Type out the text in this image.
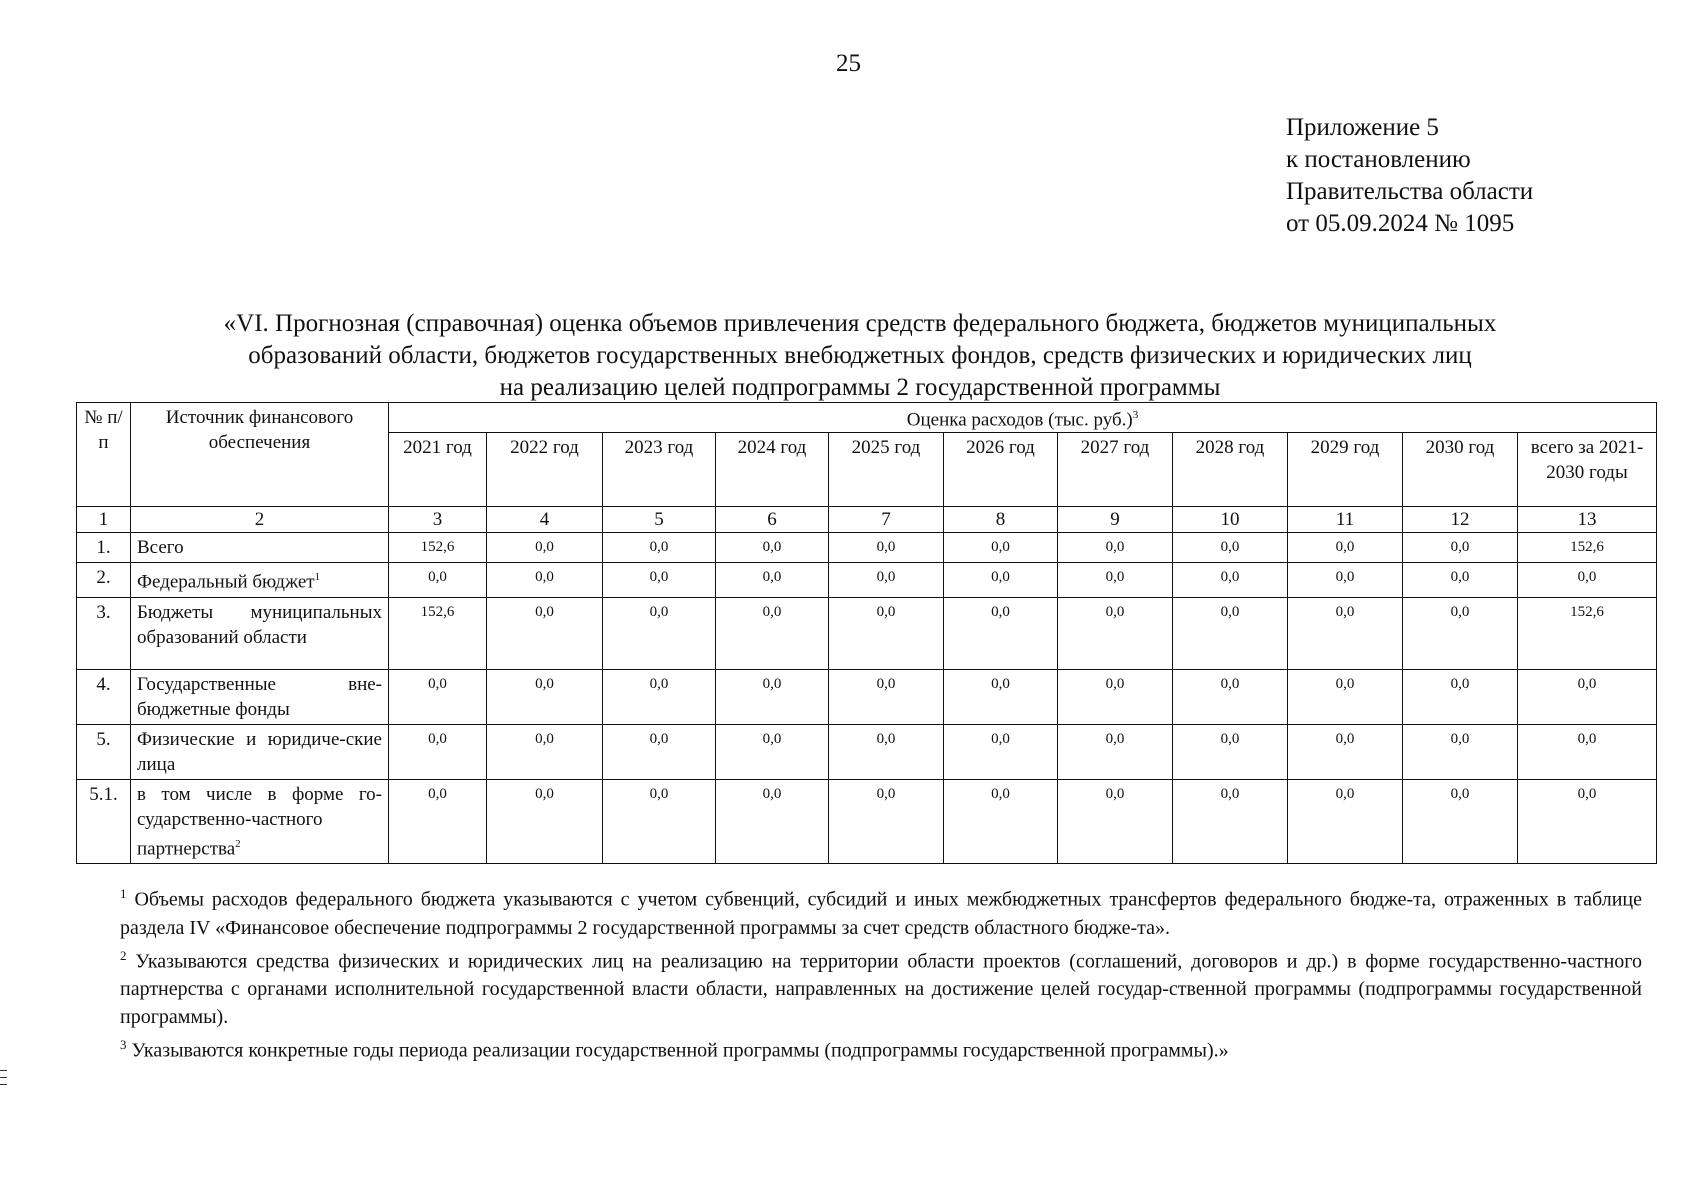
25
Приложение 5
к постановлению
Правительства области
от 05.09.2024 № 1095
«VI. Прогнозная (справочная) оценка объемов привлечения средств федерального бюджета, бюджетов муниципальных
образований области, бюджетов государственных внебюджетных фондов, средств физических и юридических лиц
на реализацию целей подпрограммы 2 государственной программы
№ п/п	Источник финансового обеспечения	Оценка расходов (тыс. руб.)$^3$
		2021 год	2022 год	2023 год	2024 год	2025 год	2026 год	2027 год	2028 год	2029 год	2030 год	всего за 2021-2030 годы
1	2	3	4	5	6	7	8	9	10	11	12	13
1.	Всего	152,6	0,0	0,0	0,0	0,0	0,0	0,0	0,0	0,0	0,0	152,6
2.	Федеральный бюджет$^1$	0,0	0,0	0,0	0,0	0,0	0,0	0,0	0,0	0,0	0,0	0,0
3.	Бюджеты муниципальных образований области	152,6	0,0	0,0	0,0	0,0	0,0	0,0	0,0	0,0	0,0	152,6
4.	Государственные вне-бюджетные фонды	0,0	0,0	0,0	0,0	0,0	0,0	0,0	0,0	0,0	0,0	0,0
5.	Физические и юридиче-ские лица	0,0	0,0	0,0	0,0	0,0	0,0	0,0	0,0	0,0	0,0	0,0
5.1.	в том числе в форме го-сударственно-частного партнерства$^2$	0,0	0,0	0,0	0,0	0,0	0,0	0,0	0,0	0,0	0,0	0,0

$^1$ Объемы расходов федерального бюджета указываются с учетом субвенций, субсидий и иных межбюджетных трансфертов федерального бюдже-та, отраженных в таблице раздела IV «Финансовое обеспечение подпрограммы 2 государственной программы за счет средств областного бюдже-та».

$^2$ Указываются средства физических и юридических лиц на реализацию на территории области проектов (соглашений, договоров и др.) в форме государственно-частного партнерства с органами исполнительной государственной власти области, направленных на достижение целей государ-ственной программы (подпрограммы государственной программы).

$^3$ Указываются конкретные годы периода реализации государственной программы (подпрограммы государственной программы).»
